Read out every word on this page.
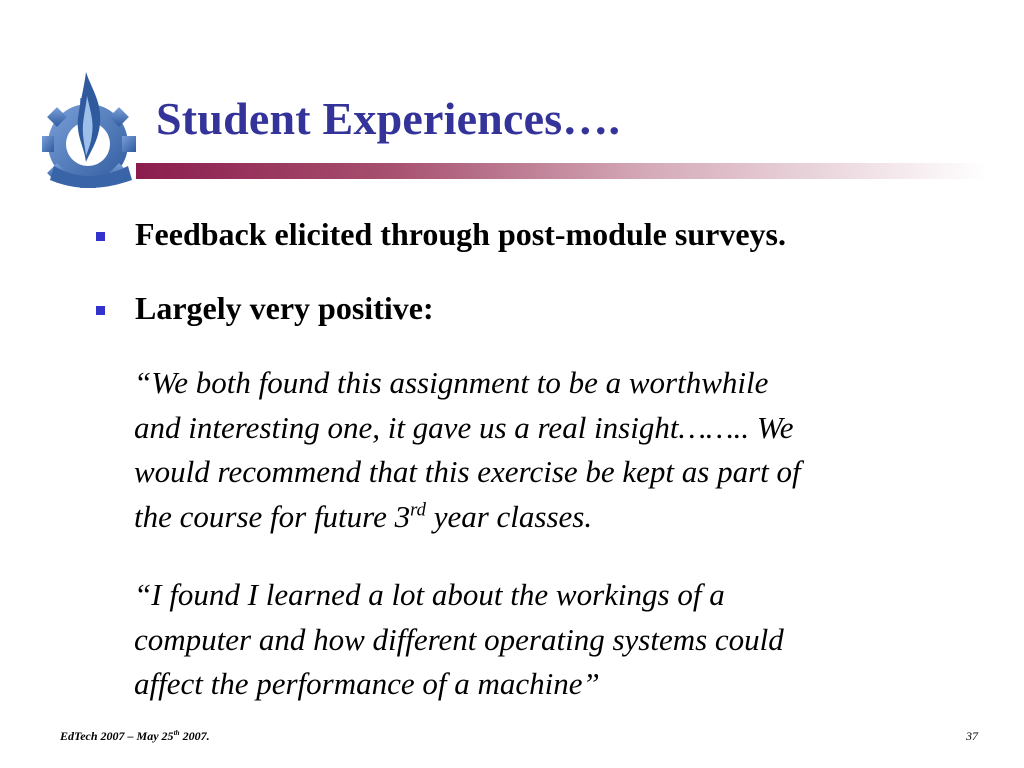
Student Experiences….
Feedback elicited through post-module surveys.
Largely very positive:
“We both found this assignment to be a worthwhile
and interesting one, it gave us a real insight…….. We
would recommend that this exercise be kept as part of
the course for future 3rd year classes.
“I found I learned a lot about the workings of a
computer and how different operating systems could
affect the performance of a machine”
EdTech 2007 – May 25th 2007.	37
